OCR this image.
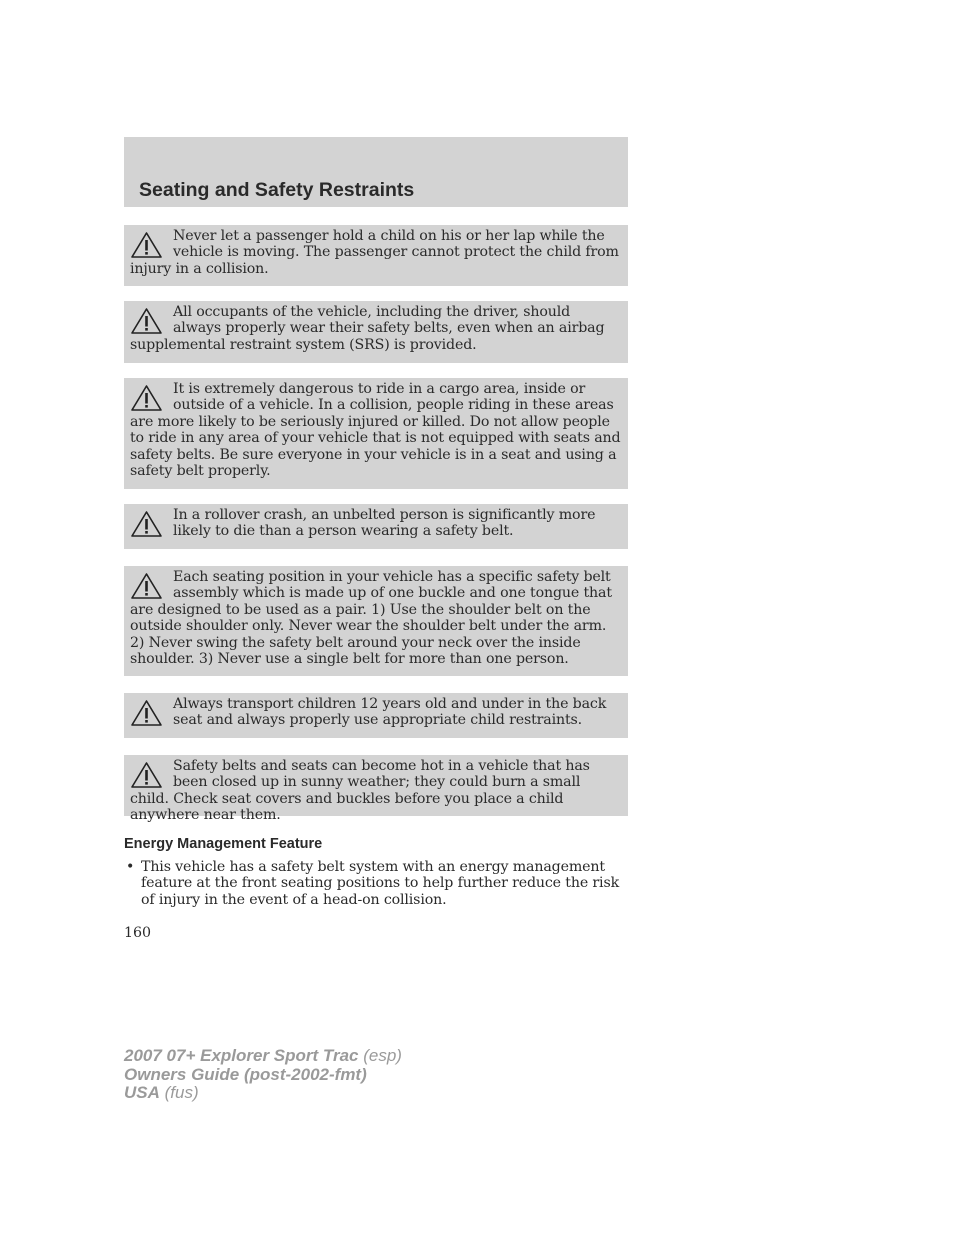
Seating and Safety Restraints
Never let a passenger hold a child on his or her lap while the vehicle is moving. The passenger cannot protect the child from injury in a collision.
All occupants of the vehicle, including the driver, should always properly wear their safety belts, even when an airbag supplemental restraint system (SRS) is provided.
It is extremely dangerous to ride in a cargo area, inside or outside of a vehicle. In a collision, people riding in these areas are more likely to be seriously injured or killed. Do not allow people to ride in any area of your vehicle that is not equipped with seats and safety belts. Be sure everyone in your vehicle is in a seat and using a safety belt properly.
In a rollover crash, an unbelted person is significantly more likely to die than a person wearing a safety belt.
Each seating position in your vehicle has a specific safety belt assembly which is made up of one buckle and one tongue that are designed to be used as a pair. 1) Use the shoulder belt on the outside shoulder only. Never wear the shoulder belt under the arm. 2) Never swing the safety belt around your neck over the inside shoulder. 3) Never use a single belt for more than one person.
Always transport children 12 years old and under in the back seat and always properly use appropriate child restraints.
Safety belts and seats can become hot in a vehicle that has been closed up in sunny weather; they could burn a small child. Check seat covers and buckles before you place a child anywhere near them.
Energy Management Feature
• This vehicle has a safety belt system with an energy management feature at the front seating positions to help further reduce the risk of injury in the event of a head-on collision.
160
2007 07+ Explorer Sport Trac (esp)
Owners Guide (post-2002-fmt)
USA (fus)
